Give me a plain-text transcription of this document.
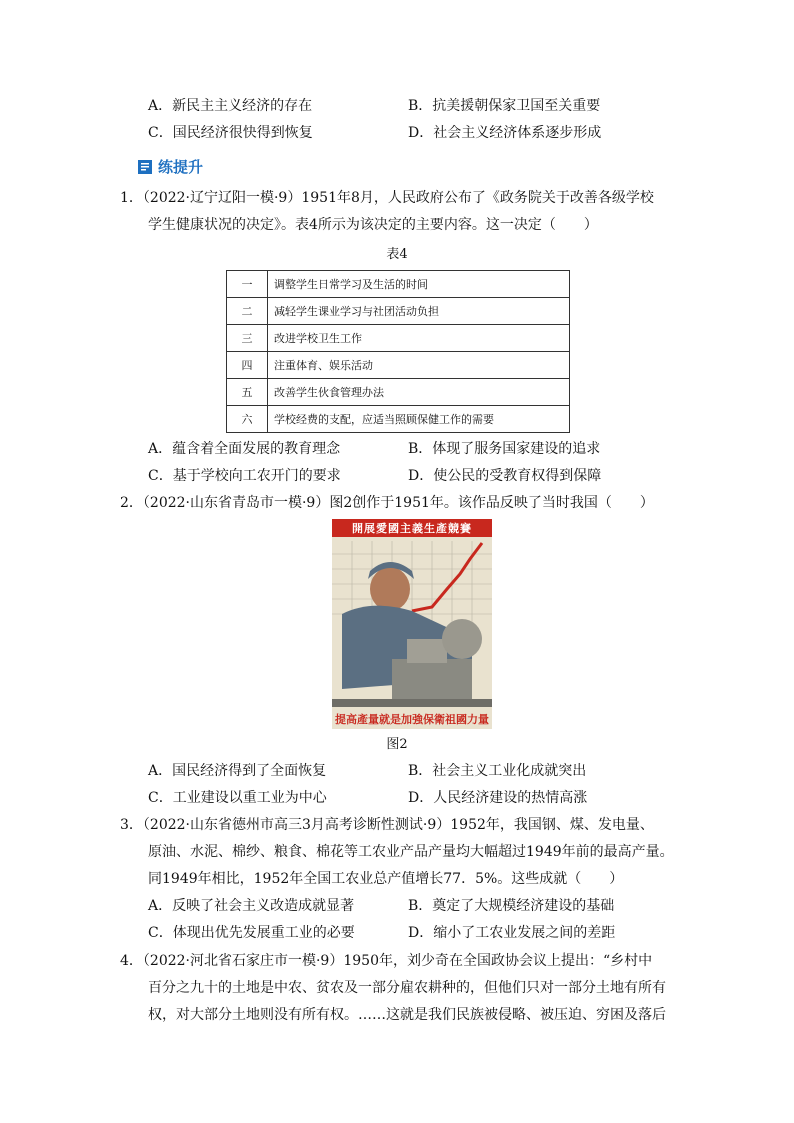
A．新民主主义经济的存在	B．抗美援朝保家卫国至关重要
C．国民经济很快得到恢复	D．社会主义经济体系逐步形成
练提升
1．（2022·辽宁辽阳一模·9）1951年8月，人民政府公布了《政务院关于改善各级学校
学生健康状况的决定》。表4所示为该决定的主要内容。这一决定（　　）
表4
一	调整学生日常学习及生活的时间
二	减轻学生课业学习与社团活动负担
三	改进学校卫生工作
四	注重体育、娱乐活动
五	改善学生伙食管理办法
六	学校经费的支配，应适当照顾保健工作的需要
A．蕴含着全面发展的教育理念	B．体现了服务国家建设的追求
C．基于学校向工农开门的要求	D．使公民的受教育权得到保障
2．（2022·山东省青岛市一模·9）图2创作于1951年。该作品反映了当时我国（　　）
開展愛國主義生產競賽
提高產量就是加強保衛祖國力量
图2
A．国民经济得到了全面恢复	B．社会主义工业化成就突出
C．工业建设以重工业为中心	D．人民经济建设的热情高涨
3．（2022·山东省德州市高三3月高考诊断性测试·9）1952年，我国钢、煤、发电量、
原油、水泥、棉纱、粮食、棉花等工农业产品产量均大幅超过1949年前的最高产量。
同1949年相比，1952年全国工农业总产值增长77．5%。这些成就（　　）
A．反映了社会主义改造成就显著	B．奠定了大规模经济建设的基础
C．体现出优先发展重工业的必要	D．缩小了工农业发展之间的差距
4．（2022·河北省石家庄市一模·9）1950年，刘少奇在全国政协会议上提出：“乡村中
百分之九十的土地是中农、贫农及一部分雇农耕种的，但他们只对一部分土地有所有
权，对大部分土地则没有所有权。……这就是我们民族被侵略、被压迫、穷困及落后
